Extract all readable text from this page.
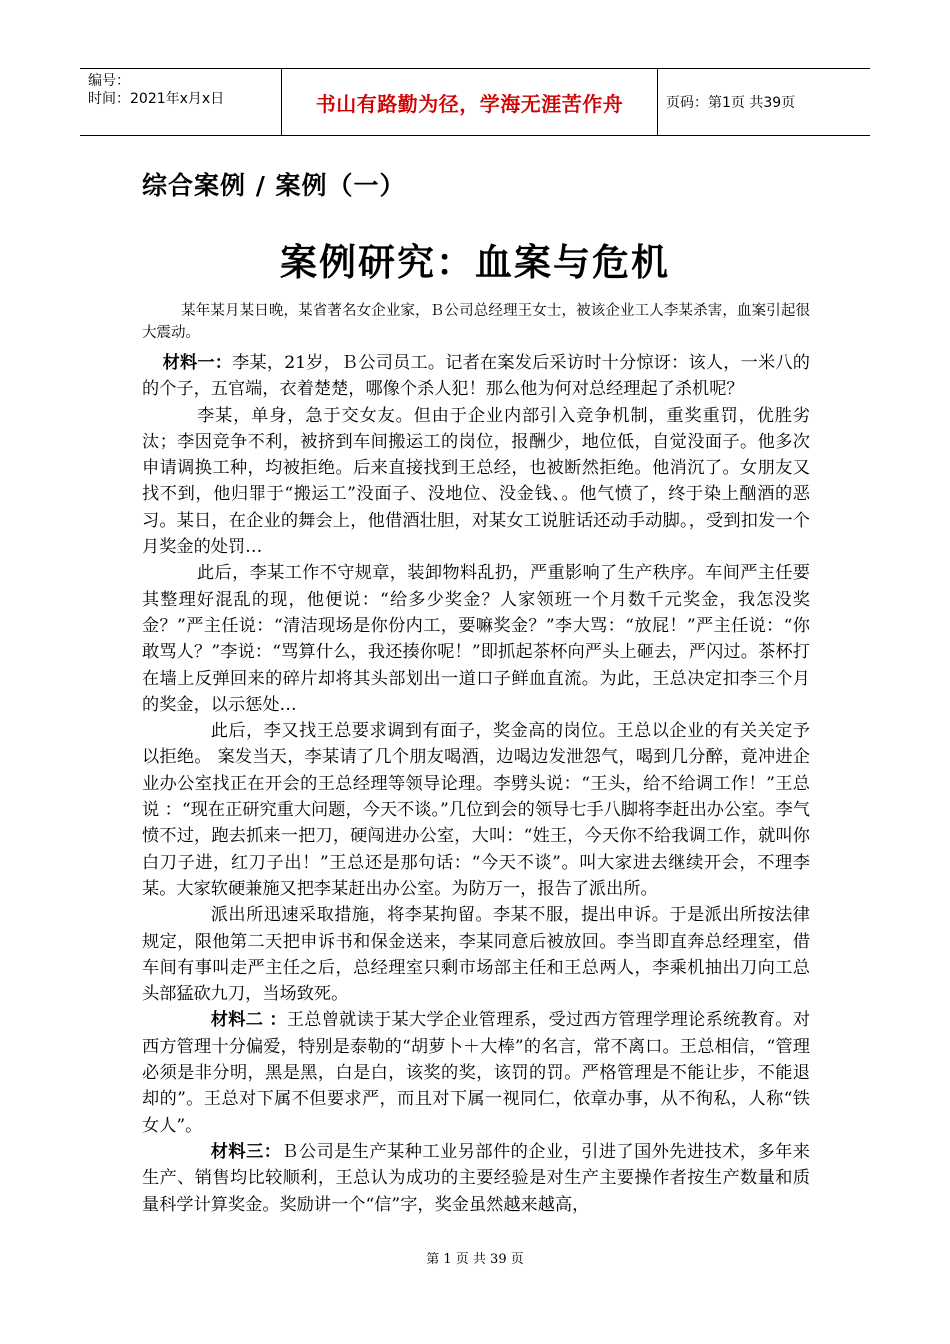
编号：
时间：2021年x月x日	书山有路勤为径，学海无涯苦作舟	页码：第1页 共39页
综合案例 / 案例（一）
案例研究：血案与危机

某年某月某日晚，某省著名女企业家，Ｂ公司总经理王女士，被该企业工人李某杀害，血案引起很大震动。

材料一：李某，21岁，Ｂ公司员工。记者在案发后采访时十分惊讶：该人，一米八的的个子，五官端，衣着楚楚，哪像个杀人犯！那么他为何对总经理起了杀机呢？

李某，单身，急于交女友。但由于企业内部引入竞争机制，重奖重罚，优胜劣汰；李因竞争不利，被挤到车间搬运工的岗位，报酬少，地位低，自觉没面子。他多次申请调换工种，均被拒绝。后来直接找到王总经，也被断然拒绝。他消沉了。女朋友又找不到，他归罪于“搬运工”没面子、没地位、没金钱、。他气愤了，终于染上酗酒的恶习。某日，在企业的舞会上，他借酒壮胆，对某女工说脏话还动手动脚。，受到扣发一个月奖金的处罚…

此后，李某工作不守规章，装卸物料乱扔，严重影响了生产秩序。车间严主任要其整理好混乱的现，他便说：“给多少奖金？人家领班一个月数千元奖金，我怎没奖金？”严主任说：“清洁现场是你份内工，要嘛奖金？”李大骂：“放屁！”严主任说：“你敢骂人？”李说：“骂算什么，我还揍你呢！”即抓起茶杯向严头上砸去，严闪过。茶杯打在墙上反弹回来的碎片却将其头部划出一道口子鲜血直流。为此，王总决定扣李三个月的奖金，以示惩处…

此后，李又找王总要求调到有面子，奖金高的岗位。王总以企业的有关关定予以拒绝。 案发当天，李某请了几个朋友喝酒，边喝边发泄怨气，喝到几分醉，竟冲进企业办公室找正在开会的王总经理等领导论理。李劈头说：“王头，给不给调工作！”王总说 ：“现在正研究重大问题，今天不谈。”几位到会的领导七手八脚将李赶出办公室。李气愤不过，跑去抓来一把刀，硬闯进办公室，大叫：“姓王，今天你不给我调工作，就叫你白刀子进，红刀子出！”王总还是那句话：“今天不谈”。叫大家进去继续开会，不理李某。大家软硬兼施又把李某赶出办公室。为防万一，报告了派出所。

派出所迅速采取措施，将李某拘留。李某不服，提出申诉。于是派出所按法律规定，限他第二天把申诉书和保金送来，李某同意后被放回。李当即直奔总经理室，借车间有事叫走严主任之后，总经理室只剩市场部主任和王总两人，李乘机抽出刀向工总头部猛砍九刀，当场致死。

材料二 ：王总曾就读于某大学企业管理系，受过西方管理学理论系统教育。对西方管理十分偏爱，特别是泰勒的“胡萝卜＋大棒”的名言，常不离口。王总相信，“管理必须是非分明，黑是黑，白是白，该奖的奖，该罚的罚。严格管理是不能让步，不能退却的”。王总对下属不但要求严，而且对下属一视同仁，依章办事，从不徇私，人称“铁女人”。

材料三：Ｂ公司是生产某种工业另部件的企业，引进了国外先进技术，多年来生产、销售均比较顺利，王总认为成功的主要经验是对生产主要操作者按生产数量和质量科学计算奖金。奖励讲一个“信”字，奖金虽然越来越高，

第 1 页 共 39 页
